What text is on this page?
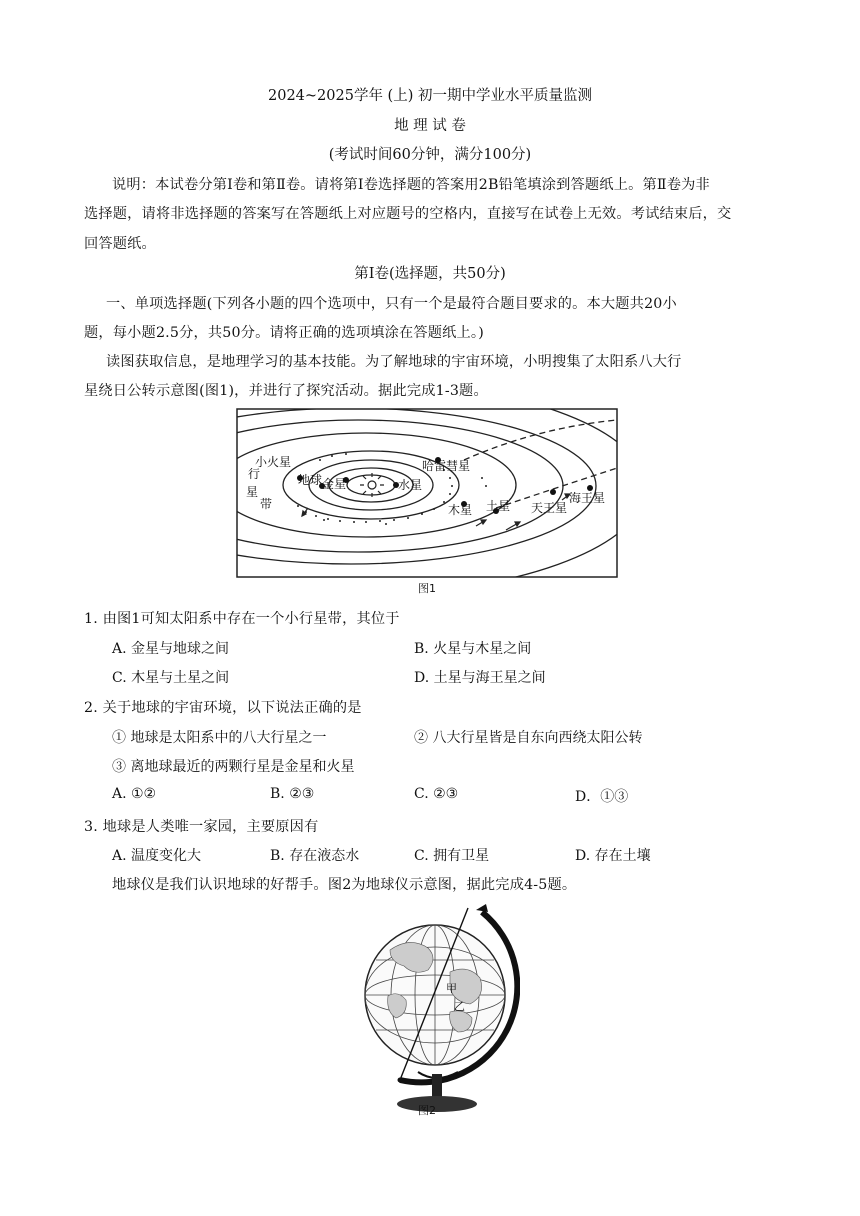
2024~2025学年 (上) 初一期中学业水平质量监测
地 理 试 卷
(考试时间60分钟，满分100分)
说明：本试卷分第Ⅰ卷和第Ⅱ卷。请将第Ⅰ卷选择题的答案用2B铅笔填涂到答题纸上。第Ⅱ卷为非
选择题，请将非选择题的答案写在答题纸上对应题号的空格内，直接写在试卷上无效。考试结束后，交
回答题纸。
第Ⅰ卷(选择题，共50分)
一、单项选择题(下列各小题的四个选项中，只有一个是最符合题目要求的。本大题共20小
题，每小题2.5分，共50分。请将正确的选项填涂在答题纸上。)
读图获取信息，是地理学习的基本技能。为了解地球的宇宙环境，小明搜集了太阳系八大行
星绕日公转示意图(图1)，并进行了探究活动。据此完成1-3题。
小火星
行
星
带
地球 金星	水星
哈雷彗星
木星 土星 天王星
海王星
图1
1. 由图1可知太阳系中存在一个小行星带，其位于
A. 金星与地球之间	B. 火星与木星之间
C. 木星与土星之间	D. 土星与海王星之间
2. 关于地球的宇宙环境，以下说法正确的是
① 地球是太阳系中的八大行星之一	② 八大行星皆是自东向西绕太阳公转
③ 离地球最近的两颗行星是金星和火星
A. ①②	B. ②③	C. ②③	D．①③
3. 地球是人类唯一家园，主要原因有
A. 温度变化大	B. 存在液态水	C. 拥有卫星	D. 存在土壤
地球仪是我们认识地球的好帮手。图2为地球仪示意图，据此完成4-5题。
甲
乙
图2
